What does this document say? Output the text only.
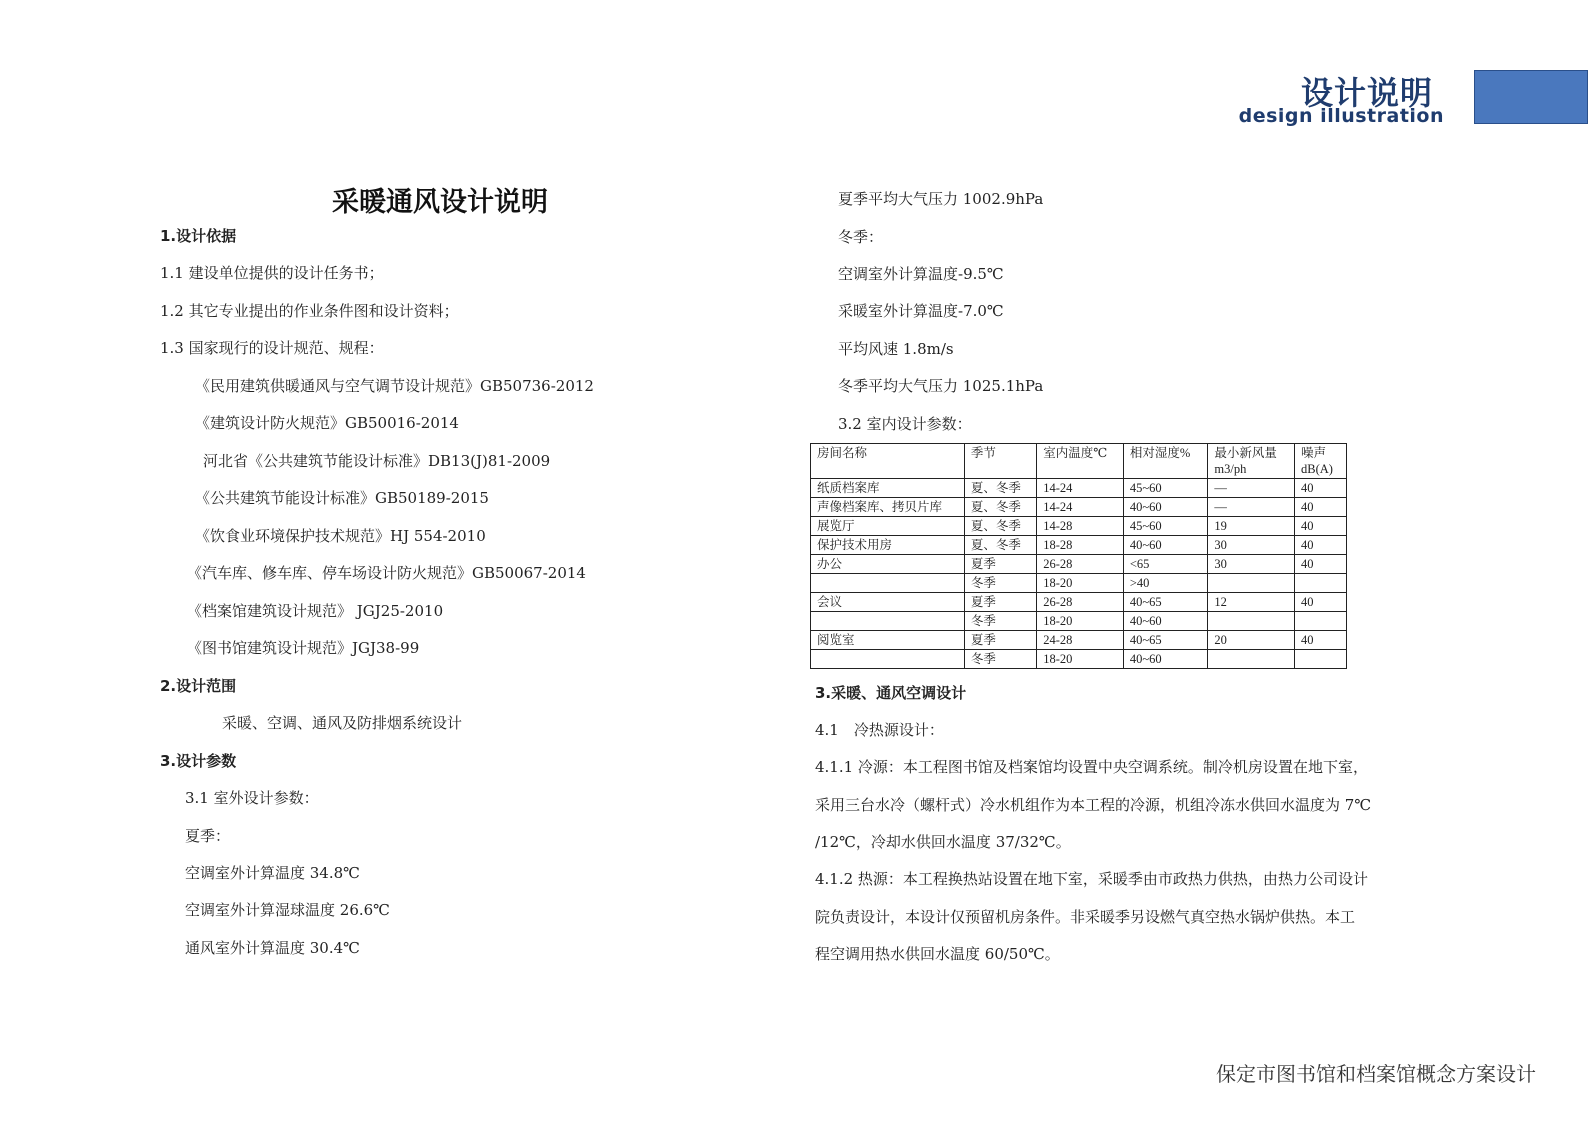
设计说明
design illustration
采暖通风设计说明
1.设计依据
1.1 建设单位提供的设计任务书；
1.2 其它专业提出的作业条件图和设计资料；
1.3 国家现行的设计规范、规程：
《民用建筑供暖通风与空气调节设计规范》GB50736-2012
《建筑设计防火规范》GB50016-2014
河北省《公共建筑节能设计标准》DB13(J)81-2009
《公共建筑节能设计标准》GB50189-2015
《饮食业环境保护技术规范》HJ 554-2010
《汽车库、修车库、停车场设计防火规范》GB50067-2014
《档案馆建筑设计规范》 JGJ25-2010
《图书馆建筑设计规范》JGJ38-99
2.设计范围
采暖、空调、通风及防排烟系统设计
3.设计参数
3.1 室外设计参数：
夏季：
空调室外计算温度 34.8℃
空调室外计算湿球温度 26.6℃
通风室外计算温度 30.4℃
夏季平均大气压力 1002.9hPa
冬季：
空调室外计算温度-9.5℃
采暖室外计算温度-7.0℃
平均风速 1.8m/s
冬季平均大气压力 1025.1hPa
3.2 室内设计参数：
房间名称	季节	室内温度℃	相对湿度%	最小新风量 m3/ph	噪声 dB(A)
纸质档案库	夏、冬季	14-24	45~60	—	40
声像档案库、拷贝片库	夏、冬季	14-24	40~60	—	40
展览厅	夏、冬季	14-28	45~60	19	40
保护技术用房	夏、冬季	18-28	40~60	30	40
办公	夏季	26-28	<65	30	40
	冬季	18-20	>40		
会议	夏季	26-28	40~65	12	40
	冬季	18-20	40~60		
阅览室	夏季	24-28	40~65	20	40
	冬季	18-20	40~60		
3.采暖、通风空调设计
4.1　冷热源设计：
4.1.1 冷源：本工程图书馆及档案馆均设置中央空调系统。制冷机房设置在地下室，
采用三台水冷（螺杆式）冷水机组作为本工程的冷源，机组冷冻水供回水温度为 7℃
/12℃，冷却水供回水温度 37/32℃。
4.1.2 热源：本工程换热站设置在地下室，采暖季由市政热力供热，由热力公司设计
院负责设计，本设计仅预留机房条件。非采暖季另设燃气真空热水锅炉供热。本工
程空调用热水供回水温度 60/50℃。
保定市图书馆和档案馆概念方案设计
